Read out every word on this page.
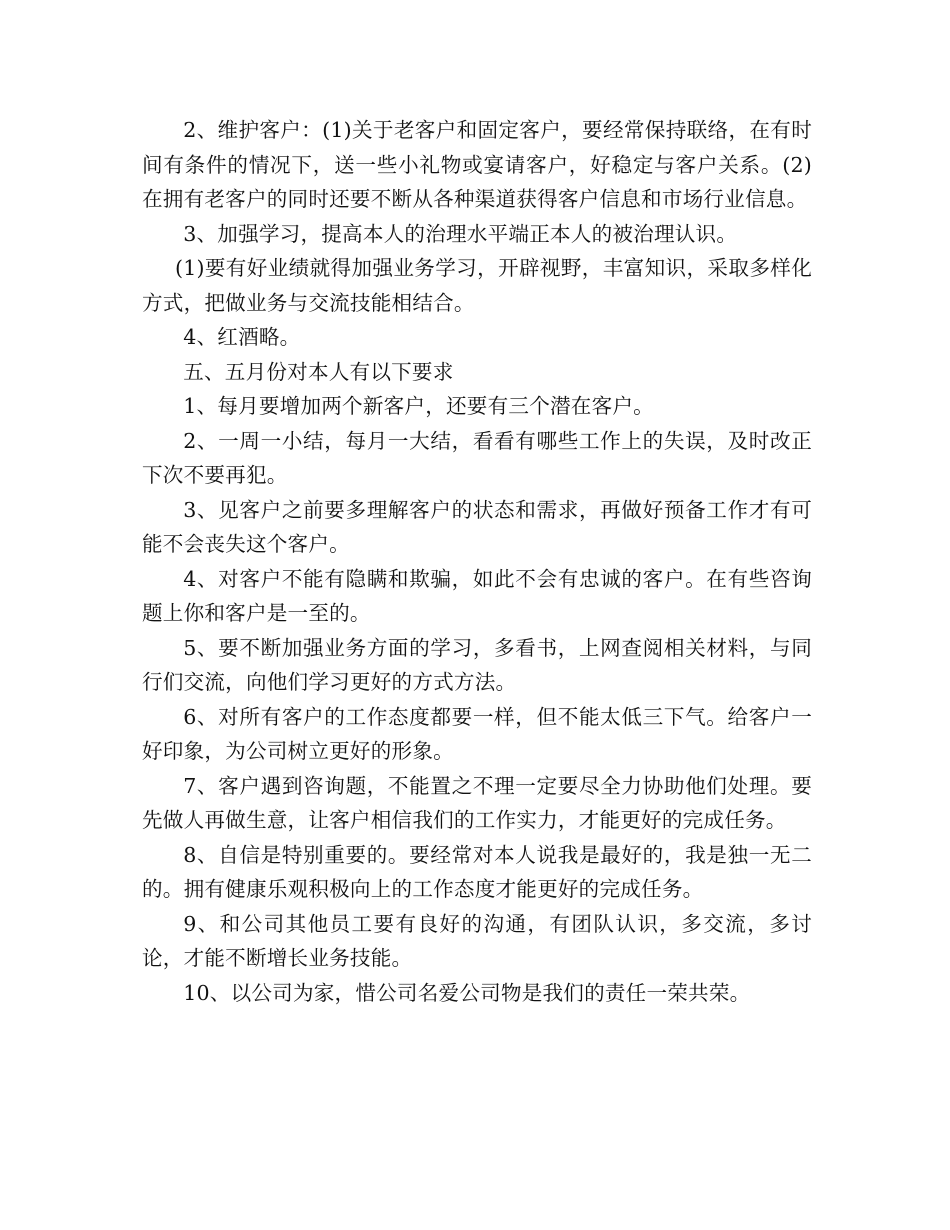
2、维护客户：(1)关于老客户和固定客户，要经常保持联络，在有时间有条件的情况下，送一些小礼物或宴请客户，好稳定与客户关系。(2)在拥有老客户的同时还要不断从各种渠道获得客户信息和市场行业信息。

3、加强学习，提高本人的治理水平端正本人的被治理认识。

(1)要有好业绩就得加强业务学习，开辟视野，丰富知识，采取多样化方式，把做业务与交流技能相结合。

4、红酒略。

五、五月份对本人有以下要求

1、每月要增加两个新客户，还要有三个潜在客户。

2、一周一小结，每月一大结，看看有哪些工作上的失误，及时改正下次不要再犯。

3、见客户之前要多理解客户的状态和需求，再做好预备工作才有可能不会丧失这个客户。

4、对客户不能有隐瞒和欺骗，如此不会有忠诚的客户。在有些咨询题上你和客户是一至的。

5、要不断加强业务方面的学习，多看书，上网查阅相关材料，与同行们交流，向他们学习更好的方式方法。

6、对所有客户的工作态度都要一样，但不能太低三下气。给客户一好印象，为公司树立更好的形象。

7、客户遇到咨询题，不能置之不理一定要尽全力协助他们处理。要先做人再做生意，让客户相信我们的工作实力，才能更好的完成任务。

8、自信是特别重要的。要经常对本人说我是最好的，我是独一无二的。拥有健康乐观积极向上的工作态度才能更好的完成任务。

9、和公司其他员工要有良好的沟通，有团队认识，多交流，多讨论，才能不断增长业务技能。

10、以公司为家，惜公司名爱公司物是我们的责任一荣共荣。
